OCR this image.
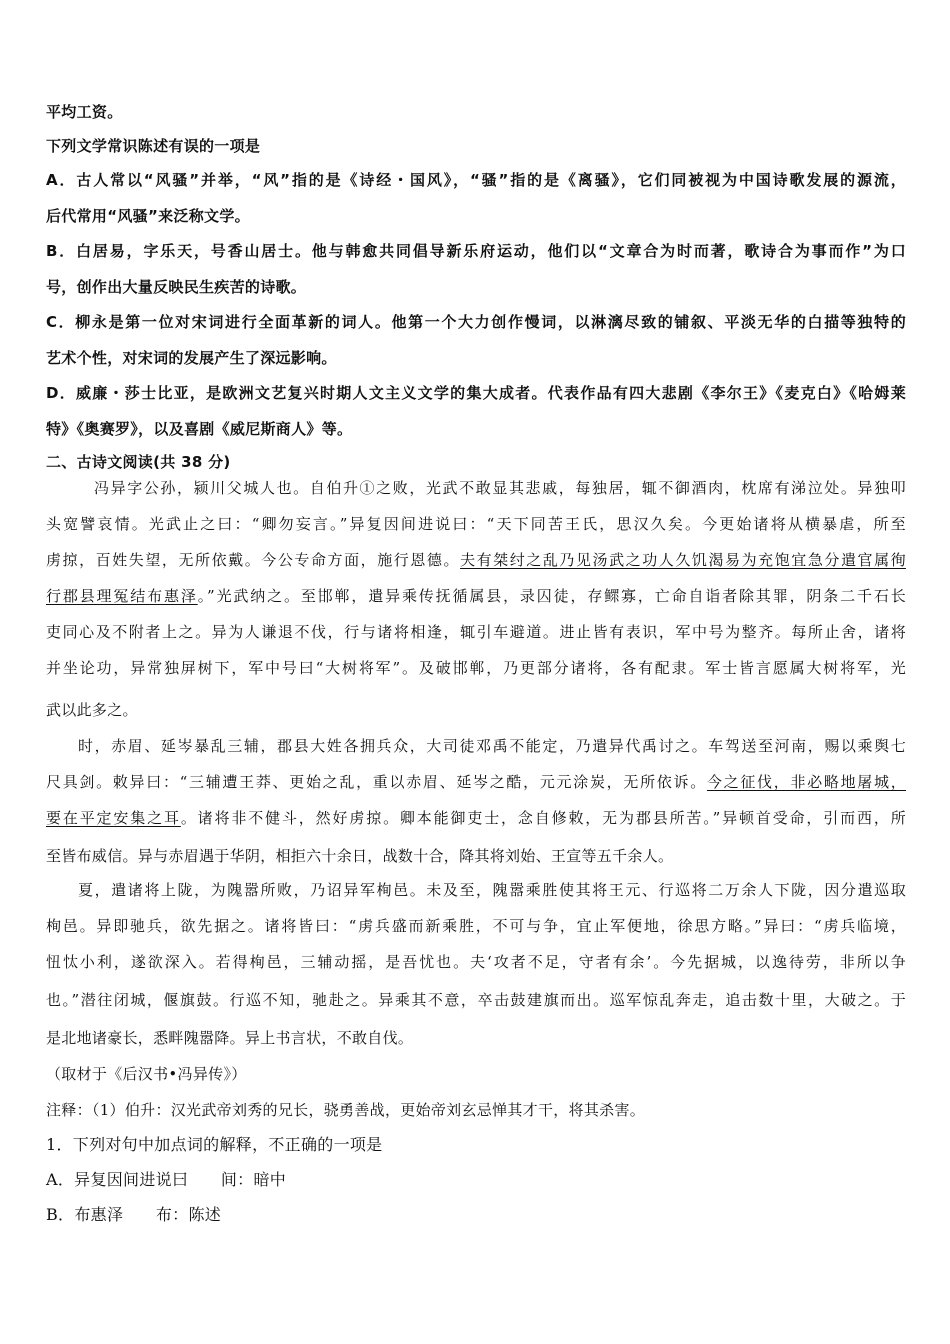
平均工资。
下列文学常识陈述有误的一项是
A．古人常以“风骚”并举，“风”指的是《诗经・国风》，“骚”指的是《离骚》，它们同被视为中国诗歌发展的源流，
后代常用“风骚”来泛称文学。
B．白居易，字乐天，号香山居士。他与韩愈共同倡导新乐府运动，他们以“文章合为时而著，歌诗合为事而作”为口
号，创作出大量反映民生疾苦的诗歌。
C．柳永是第一位对宋词进行全面革新的词人。他第一个大力创作慢词，以淋漓尽致的铺叙、平淡无华的白描等独特的
艺术个性，对宋词的发展产生了深远影响。
D．威廉・莎士比亚，是欧洲文艺复兴时期人文主义文学的集大成者。代表作品有四大悲剧《李尔王》《麦克白》《哈姆莱
特》《奥赛罗》，以及喜剧《威尼斯商人》等。
二、古诗文阅读(共 38 分)
冯异字公孙，颍川父城人也。自伯升①之败，光武不敢显其悲戚，每独居，辄不御酒肉，枕席有涕泣处。异独叩
头宽譬哀情。光武止之曰：“卿勿妄言。”异复因间进说曰：“天下同苦王氏，思汉久矣。今更始诸将从横暴虐，所至
虏掠，百姓失望，无所依戴。今公专命方面，施行恩德。夫有桀纣之乱乃见汤武之功人久饥渴易为充饱宜急分遣官属徇
行郡县理冤结布惠泽。”光武纳之。至邯郸，遣异乘传抚循属县，录囚徒，存鳏寡，亡命自诣者除其罪，阴条二千石长
吏同心及不附者上之。异为人谦退不伐，行与诸将相逢，辄引车避道。进止皆有表识，军中号为整齐。每所止舍，诸将
并坐论功，异常独屏树下，军中号曰“大树将军”。及破邯郸，乃更部分诸将，各有配隶。军士皆言愿属大树将军，光
武以此多之。
时，赤眉、延岑暴乱三辅，郡县大姓各拥兵众，大司徒邓禹不能定，乃遣异代禹讨之。车驾送至河南，赐以乘舆七
尺具剑。敕异曰：“三辅遭王莽、更始之乱，重以赤眉、延岑之酷，元元涂炭，无所依诉。今之征伐，非必略地屠城，
要在平定安集之耳。诸将非不健斗，然好虏掠。卿本能御吏士，念自修敕，无为郡县所苦。”异顿首受命，引而西，所
至皆布威信。异与赤眉遇于华阴，相拒六十余日，战数十合，降其将刘始、王宣等五千余人。
夏，遣诸将上陇，为隗嚣所败，乃诏异军栒邑。未及至，隗嚣乘胜使其将王元、行巡将二万余人下陇，因分遣巡取
栒邑。异即驰兵，欲先据之。诸将皆曰：“虏兵盛而新乘胜，不可与争，宜止军便地，徐思方略。”异曰：“虏兵临境，
忸忲小利，遂欲深入。若得栒邑，三辅动摇，是吾忧也。夫‘攻者不足，守者有余’。今先据城，以逸待劳，非所以争
也。”潜往闭城，偃旗鼓。行巡不知，驰赴之。异乘其不意，卒击鼓建旗而出。巡军惊乱奔走，追击数十里，大破之。于
是北地诸豪长，悉畔隗嚣降。异上书言状，不敢自伐。
（取材于《后汉书•冯异传》）
注释：（1）伯升：汉光武帝刘秀的兄长，骁勇善战，更始帝刘玄忌惮其才干，将其杀害。
1．下列对句中加点词的解释，不正确的一项是
A．异复因间进说曰　　间：暗中
B．布惠泽　　布：陈述
